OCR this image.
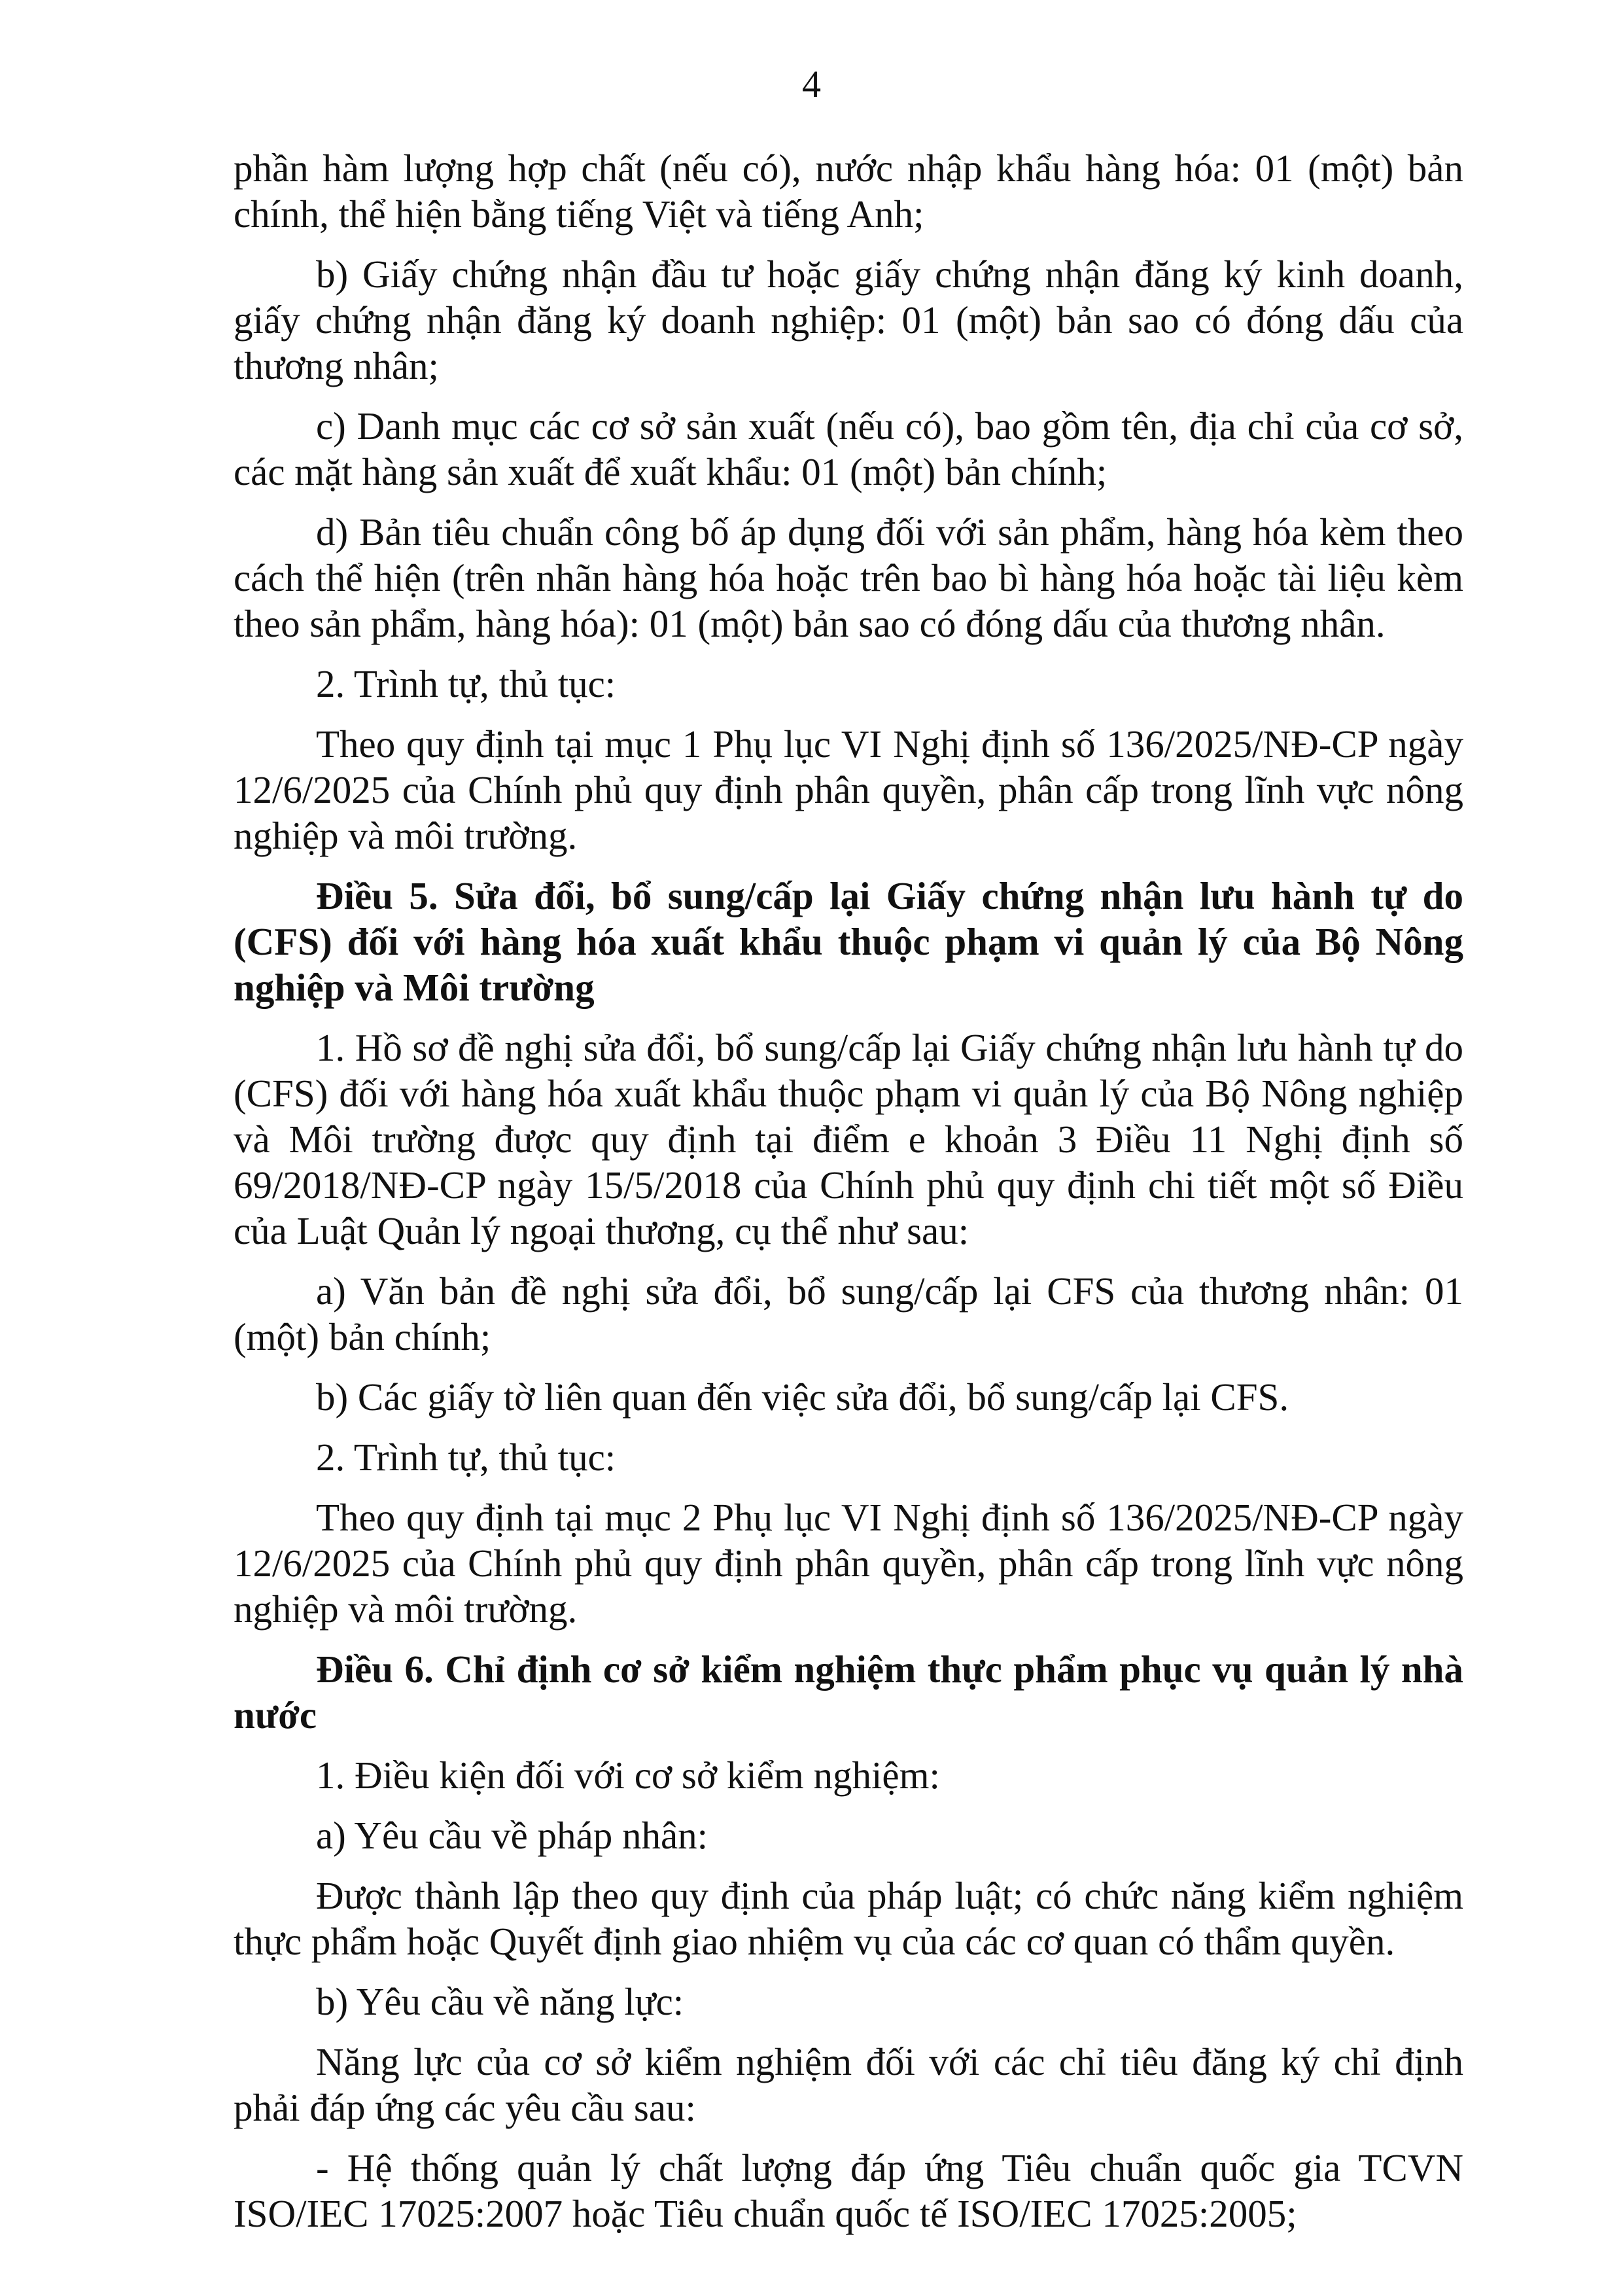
4

phần hàm lượng hợp chất (nếu có), nước nhập khẩu hàng hóa: 01 (một) bản chính, thể hiện bằng tiếng Việt và tiếng Anh;

b) Giấy chứng nhận đầu tư hoặc giấy chứng nhận đăng ký kinh doanh, giấy chứng nhận đăng ký doanh nghiệp: 01 (một) bản sao có đóng dấu của thương nhân;

c) Danh mục các cơ sở sản xuất (nếu có), bao gồm tên, địa chỉ của cơ sở, các mặt hàng sản xuất để xuất khẩu: 01 (một) bản chính;

d) Bản tiêu chuẩn công bố áp dụng đối với sản phẩm, hàng hóa kèm theo cách thể hiện (trên nhãn hàng hóa hoặc trên bao bì hàng hóa hoặc tài liệu kèm theo sản phẩm, hàng hóa): 01 (một) bản sao có đóng dấu của thương nhân.

2. Trình tự, thủ tục:

Theo quy định tại mục 1 Phụ lục VI Nghị định số 136/2025/NĐ-CP ngày 12/6/2025 của Chính phủ quy định phân quyền, phân cấp trong lĩnh vực nông nghiệp và môi trường.

Điều 5. Sửa đổi, bổ sung/cấp lại Giấy chứng nhận lưu hành tự do (CFS) đối với hàng hóa xuất khẩu thuộc phạm vi quản lý của Bộ Nông nghiệp và Môi trường

1. Hồ sơ đề nghị sửa đổi, bổ sung/cấp lại Giấy chứng nhận lưu hành tự do (CFS) đối với hàng hóa xuất khẩu thuộc phạm vi quản lý của Bộ Nông nghiệp và Môi trường được quy định tại điểm e khoản 3 Điều 11 Nghị định số 69/2018/NĐ-CP ngày 15/5/2018 của Chính phủ quy định chi tiết một số Điều của Luật Quản lý ngoại thương, cụ thể như sau:

a) Văn bản đề nghị sửa đổi, bổ sung/cấp lại CFS của thương nhân: 01 (một) bản chính;

b) Các giấy tờ liên quan đến việc sửa đổi, bổ sung/cấp lại CFS.

2. Trình tự, thủ tục:

Theo quy định tại mục 2 Phụ lục VI Nghị định số 136/2025/NĐ-CP ngày 12/6/2025 của Chính phủ quy định phân quyền, phân cấp trong lĩnh vực nông nghiệp và môi trường.

Điều 6. Chỉ định cơ sở kiểm nghiệm thực phẩm phục vụ quản lý nhà nước

1. Điều kiện đối với cơ sở kiểm nghiệm:

a) Yêu cầu về pháp nhân:

Được thành lập theo quy định của pháp luật; có chức năng kiểm nghiệm thực phẩm hoặc Quyết định giao nhiệm vụ của các cơ quan có thẩm quyền.

b) Yêu cầu về năng lực:

Năng lực của cơ sở kiểm nghiệm đối với các chỉ tiêu đăng ký chỉ định phải đáp ứng các yêu cầu sau:

- Hệ thống quản lý chất lượng đáp ứng Tiêu chuẩn quốc gia TCVN ISO/IEC 17025:2007 hoặc Tiêu chuẩn quốc tế ISO/IEC 17025:2005;
